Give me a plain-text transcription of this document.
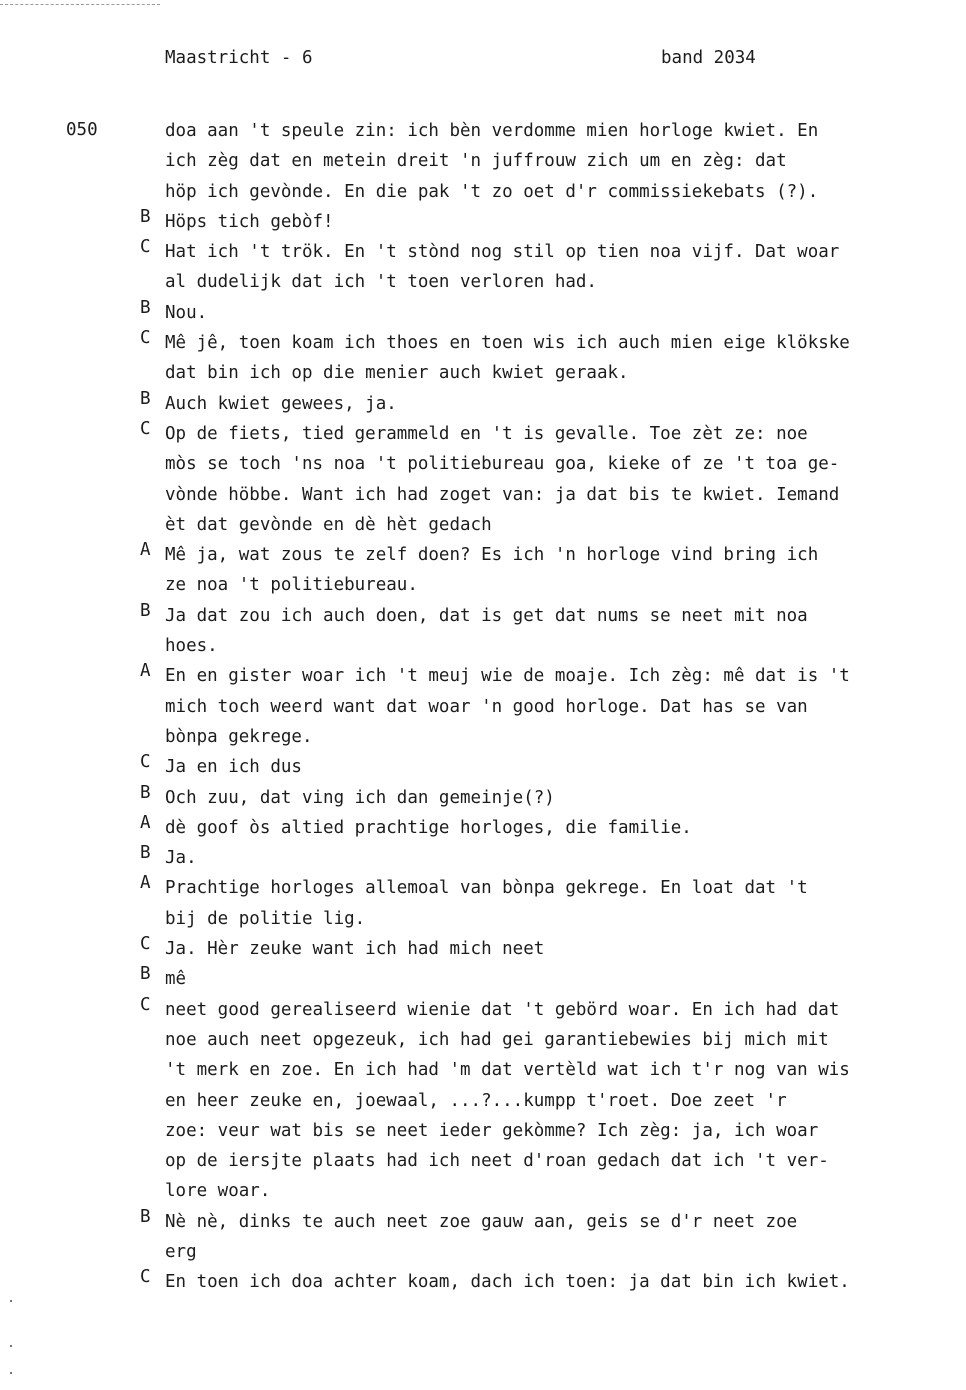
Maastricht - 6	band 2034
050	doa aan 't speule zin: ich bèn verdomme mien horloge kwiet. En
ich zèg dat en metein dreit 'n juffrouw zich um en zèg: dat
höp ich gevònde. En die pak 't zo oet d'r commissiekebats (?).
B Höps tich gebòf!
C Hat ich 't trök. En 't stònd nog stil op tien noa vijf. Dat woar
al dudelijk dat ich 't toen verloren had.
B Nou.
C Mê jê, toen koam ich thoes en toen wis ich auch mien eige klökske
dat bin ich op die menier auch kwiet geraak.
B Auch kwiet gewees, ja.
C Op de fiets, tied gerammeld en 't is gevalle. Toe zèt ze: noe
mòs se toch 'ns noa 't politiebureau goa, kieke of ze 't toa ge-
vònde höbbe. Want ich had zoget van: ja dat bis te kwiet. Iemand
èt dat gevònde en dè hèt gedach
A Mê ja, wat zous te zelf doen? Es ich 'n horloge vind bring ich
ze noa 't politiebureau.
B Ja dat zou ich auch doen, dat is get dat nums se neet mit noa
hoes.
A En en gister woar ich 't meuj wie de moaje. Ich zèg: mê dat is 't
mich toch weerd want dat woar 'n good horloge. Dat has se van
bònpa gekrege.
C Ja en ich dus
B Och zuu, dat ving ich dan gemeinje(?)
A dè goof òs altied prachtige horloges, die familie.
B Ja.
A Prachtige horloges allemoal van bònpa gekrege. En loat dat 't
bij de politie lig.
C Ja. Hèr zeuke want ich had mich neet
B mê
C neet good gerealiseerd wienie dat 't gebörd woar. En ich had dat
noe auch neet opgezeuk, ich had gei garantiebewies bij mich mit
't merk en zoe. En ich had 'm dat vertèld wat ich t'r nog van wis
en heer zeuke en, joewaal, ...?...kumpp t'roet. Doe zeet 'r
zoe: veur wat bis se neet ieder gekòmme? Ich zèg: ja, ich woar
op de iersjte plaats had ich neet d'roan gedach dat ich 't ver-
lore woar.
B Nè nè, dinks te auch neet zoe gauw aan, geis se d'r neet zoe
erg
C En toen ich doa achter koam, dach ich toen: ja dat bin ich kwiet.
